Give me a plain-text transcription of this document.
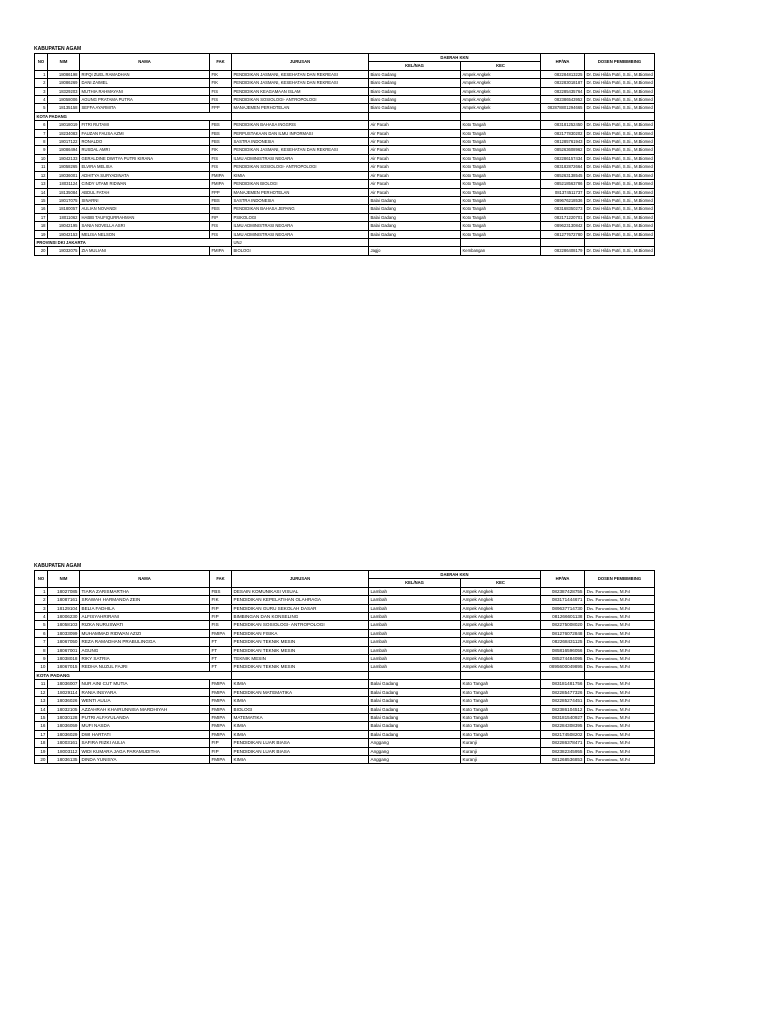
KABUPATEN AGAM
NO	NIM	NAMA	FAK	JURUSAN	DAERAH KKN		HP/WA	DOSEN PEMBIMBING
					KEL/NAG	KEC		
1	18086198	RIFQI ZUEL RAMADHAN	FIK	PENDIDIKAN JASMANI, KESEHATAN DAN REKREASI	Biaro Gadang	Ampek Angkek	082284813225	Dr. Dwi Hilda Putri, S.Si., M.Biomed
2	18086269	DANI ZAIMEL	FIK	PENDIDIKAN JASMANI, KESEHATAN DAN REKREASI	Biaro Gadang	Ampek Angkek	082283018187	Dr. Dwi Hilda Putri, S.Si., M.Biomed
3	18329203	MUTHIA RAHMAYANI	FIS	PENDIDIKAN KEAGAMAAN ISLAM	Biaro Gadang	Ampek Angkek	082285435764	Dr. Dwi Hilda Putri, S.Si., M.Biomed
4	18058006	AGUNG PRATAMA PUTRA	FIS	PENDIDIKAN SOSIOLOGI- ANTROPOLOGI	Biaro Gadang	Ampek Angkek	082386543952	Dr. Dwi Hilda Putri, S.Si., M.Biomed
5	18135158	SEFFA AYARMITA	FPP	MANAJEMEN PERHOTELAN	Biaro Gadang	Ampek Angkek	082878801294665	Dr. Dwi Hilda Putri, S.Si., M.Biomed
KOTA PADANG								
6	18018019	FITRI RUTAMI	FBS	PENDIDIKAN BAHASA INGGRIS	Air Pacah	Koto Tangah	083181252450	Dr. Dwi Hilda Putri, S.Si., M.Biomed
7	18234083	FAUZAN FAUSA AZMI	FBS	PERPUSTAKAAN DAN ILMU INFORMASI	Air Pacah	Koto Tangah	082177830202	Dr. Dwi Hilda Putri, S.Si., M.Biomed
8	18017122	RONALDO	FBS	SASTRA INDONESIA	Air Pacah	Koto Tangah	081285761943	Dr. Dwi Hilda Putri, S.Si., M.Biomed
9	18086494	RUSDAL AMRI	FIK	PENDIDIKAN JASMANI, KESEHATAN DAN REKREASI	Air Pacah	Koto Tangah	085263608962	Dr. Dwi Hilda Putri, S.Si., M.Biomed
10	18042133	GERALDINE DWITYA PUTRI KIRANA	FIS	ILMU ADMINISTRASI NEGARA	Air Pacah	Koto Tangah	082286157434	Dr. Dwi Hilda Putri, S.Si., M.Biomed
11	18058265	ELVIRA MELISA	FIS	PENDIDIKAN SOSIOLOGI- ANTROPOLOGI	Air Pacah	Koto Tangah	083182872664	Dr. Dwi Hilda Putri, S.Si., M.Biomed
12	18036001	ADHITYA SURYADINATA	FMIPA	KIMIA	Air Pacah	Koto Tangah	085263138545	Dr. Dwi Hilda Putri, S.Si., M.Biomed
13	18031124	CINDY UTAMI RIDWAN	FMIPA	PENDIDIKAN BIOLOGI	Air Pacah	Koto Tangah	085218563786	Dr. Dwi Hilda Putri, S.Si., M.Biomed
14	18135084	ABDUL FATAH	FPP	MANAJEMEN PERHOTELAN	Air Pacah	Koto Tangah	081374511737	Dr. Dwi Hilda Putri, S.Si., M.Biomed
15	18017075	SINARNI	FBS	SASTRA INDONESIA	Balai Gadang	Koto Tangah	089676218536	Dr. Dwi Hilda Putri, S.Si., M.Biomed
16	18180057	AULIAN NOVANDI	FBS	PENDIDIKAN BAHASA JEPANG	Balai Gadang	Koto Tangah	083168350273	Dr. Dwi Hilda Putri, S.Si., M.Biomed
17	18011062	HABIB TAUFIQURRAHMAN	FIP	PSIKOLOGI	Balai Gadang	Koto Tangah	082171220701	Dr. Dwi Hilda Putri, S.Si., M.Biomed
18	18042195	SANIA NOVELLA ASRI	FIS	ILMU ADMINISTRASI NEGARA	Balai Gadang	Koto Tangah	089623130842	Dr. Dwi Hilda Putri, S.Si., M.Biomed
19	18042153	MELISA NELSON	FIS	ILMU ADMINISTRASI NEGARA	Balai Gadang	Koto Tangah	081277672780	Dr. Dwi Hilda Putri, S.Si., M.Biomed
PROVINSI DKI JAKARTA				UNJ				
20	18032075	ZIA MULIANI	FMIPA	BIOLOGI	Jagjo	Kembangan	082286408179	Dr. Dwi Hilda Putri, S.Si., M.Biomed
KABUPATEN AGAM
NO	NIM	NAMA	FAK	JURUSAN	DAERAH KKN		HP/WA	DOSEN PEMBIMBING
					KEL/NAG	KEC		
1	18027085	TIARA ZARISMARTHA	FBS	DESAIN KOMUNIKASI VISUAL	Lambah	Ampek Angkek	082387428755	Drs. Parwaninou, M.Pd
2	18087161	SRAWAH HARMANDA ZEIN	FIK	PENDIDIKAN KEPELATIHAN OLAHRAGA	Lambah	Ampek Angkek	083171444671	Drs. Parwaninou, M.Pd
3	18129104	BELIA FADHILA	FIP	PENDIDIKAN GURU SEKOLAH DASAR	Lambah	Ampek Angkek	089637714730	Drs. Parwaninou, M.Pd
4	18006230	ALFISYAHRIRANI	FIP	BIMBINGAN DAN KONSELING	Lambah	Ampek Angkek	081266601138	Drs. Parwaninou, M.Pd
5	18058103	RIZKA NURUSWATI	FIS	PENDIDIKAN SOSIOLOGI- ANTROPOLOGI	Lambah	Ampek Angkek	082275008020	Drs. Parwaninou, M.Pd
6	18033099	MUHAMMAD RIDWAN AZIZI	FMIPA	PENDIDIKAN FISIKA	Lambah	Ampek Angkek	081276072848	Drs. Parwaninou, M.Pd
7	18067050	REZA RAMADHAN PRABULINGGA	FT	PENDIDIKAN TEKNIK MESIN	Lambah	Ampek Angkek	082268431125	Drs. Parwaninou, M.Pd
8	18067001	AGUNG	FT	PENDIDIKAN TEKNIK MESIN	Lambah	Ampek Angkek	085816596056	Drs. Parwaninou, M.Pd
9	18038018	RIKY SATRIA	FT	TEKNIK MESIN	Lambah	Ampek Angkek	085274484095	Drs. Parwaninou, M.Pd
10	18067015	REDHA NUZUL FAJRI	FT	PENDIDIKAN TEKNIK MESIN	Lambah	Ampek Angkek	0895600049895	Drs. Parwaninou, M.Pd
KOTA PADANG								
11	18036007	NUR AINI CUT MUTIA	FMIPA	KIMIA	Balai Gadang	Koto Tangah	083181481756	Drs. Parwaninou, M.Pd
12	18029114	RANIA INSYARA	FMIPA	PENDIDIKAN MATEMATIKA	Balai Gadang	Koto Tangah	082285477326	Drs. Parwaninou, M.Pd
13	18036026	WENTI AULIA	FMIPA	KIMIA	Balai Gadang	Koto Tangah	082285274451	Drs. Parwaninou, M.Pd
14	18032105	AZZAHRAH KHAIRUNNISA MARDHIYAH	FMIPA	BIOLOGI	Balai Gadang	Koto Tangah	082386104512	Drs. Parwaninou, M.Pd
15	18030128	PUTRI ALFAYULANDA	FMIPA	MATEMATIKA	Balai Gadang	Koto Tangah	083181540927	Drs. Parwaninou, M.Pd
16	18036059	MUFI NASDA	FMIPA	KIMIA	Balai Gadang	Koto Tangah	082284308395	Drs. Parwaninou, M.Pd
17	18036029	DWI HARTATI	FMIPA	KIMIA	Balai Gadang	Koto Tangah	082174508202	Drs. Parwaninou, M.Pd
18	18003161	SAFIRA RIZKI AULIA	FIP	PENDIDIKAN LUAR BIASA	Anggang	Kuranji	082286378471	Drs. Parwaninou, M.Pd
19	18003112	WIDI KUMARA JAGA PARAMUDITHA	FIP	PENDIDIKAN LUAR BIASA	Anggang	Kuranji	082382345955	Drs. Parwaninou, M.Pd
20	18036135	DINDA YUNISYA	FMIPA	KIMIA	Anggang	Kuranji	081268536853	Drs. Parwaninou, M.Pd
